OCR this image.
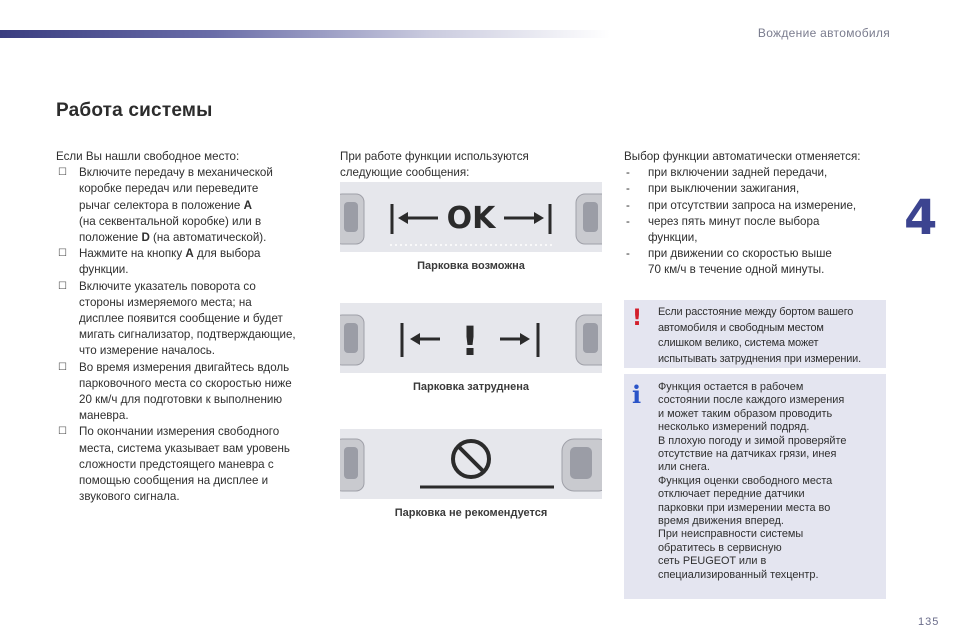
Вождение автомобиля
Работа системы
Если Вы нашли свободное место:
☐ Включите передачу в механической
коробке передач или переведите
рычаг селектора в положение A
(на секвентальной коробке) или в
положение D (на автоматической).
☐ Нажмите на кнопку A для выбора
функции.
☐ Включите указатель поворота со
стороны измеряемого места; на
дисплее появится сообщение и будет
мигать сигнализатор, подтверждающие,
что измерение началось.
☐ Во время измерения двигайтесь вдоль
парковочного места со скоростью ниже
20 км/ч для подготовки к выполнению
маневра.
☐ По окончании измерения свободного
места, система указывает вам уровень
сложности предстоящего маневра с
помощью сообщения на дисплее и
звукового сигнала.
При работе функции используются
следующие сообщения:
OK
Парковка возможна
!
Парковка затруднена
Парковка не рекомендуется
Выбор функции автоматически отменяется:
- при включении задней передачи,
- при выключении зажигания,
- при отсутствии запроса на измерение,
- через пять минут после выбора
функции,
- при движении со скоростью выше
70 км/ч в течение одной минуты.
! Если расстояние между бортом вашего
автомобиля и свободным местом
слишком велико, система может
испытывать затруднения при измерении.
i Функция остается в рабочем
состоянии после каждого измерения
и может таким образом проводить
несколько измерений подряд.
В плохую погоду и зимой проверяйте
отсутствие на датчиках грязи, инея
или снега.
Функция оценки свободного места
отключает передние датчики
парковки при измерении места во
время движения вперед.
При неисправности системы
обратитесь в сервисную
сеть PEUGEOT или в
специализированный техцентр.
4
135
